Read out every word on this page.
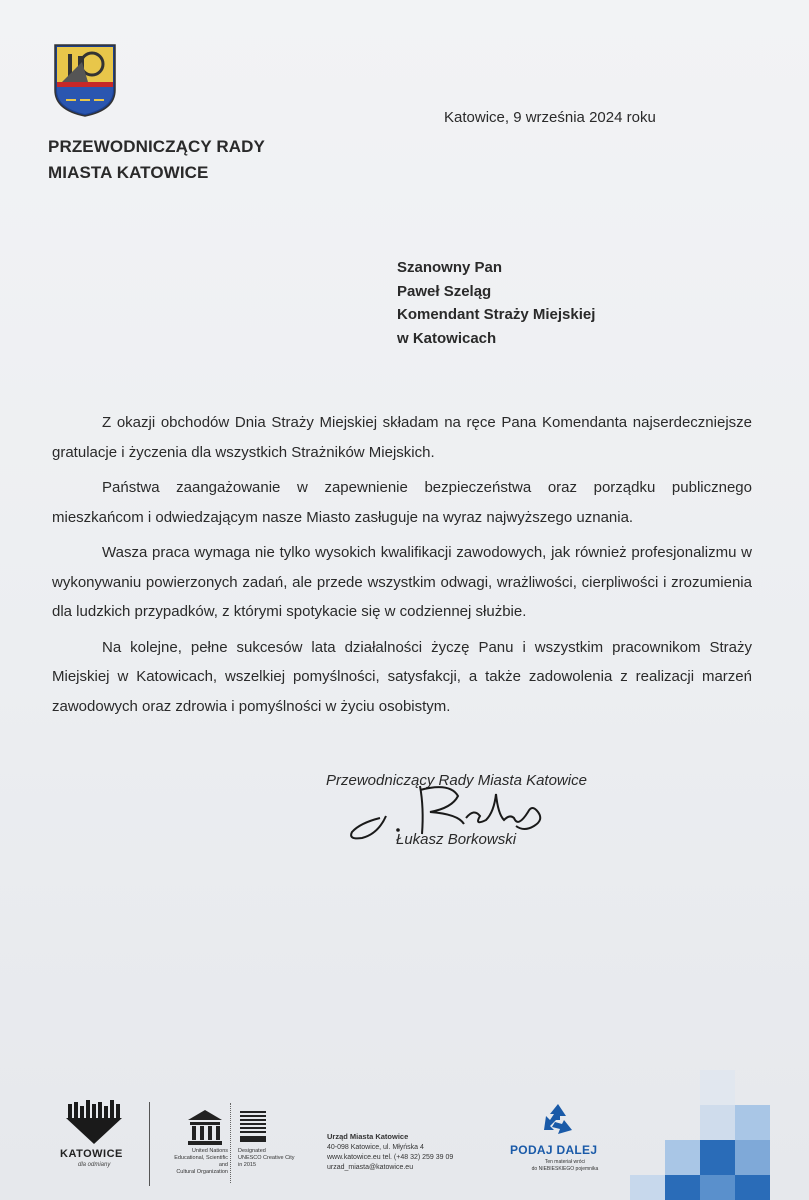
PRZEWODNICZĄCY RADY
MIASTA KATOWICE
Katowice, 9 września 2024 roku
Szanowny Pan
Paweł Szeląg
Komendant Straży Miejskiej
w Katowicach

Z okazji obchodów Dnia Straży Miejskiej składam na ręce Pana Komendanta najserdeczniejsze gratulacje i życzenia dla wszystkich Strażników Miejskich.

Państwa zaangażowanie w zapewnienie bezpieczeństwa oraz porządku publicznego mieszkańcom i odwiedzającym nasze Miasto zasługuje na wyraz najwyższego uznania.

Wasza praca wymaga nie tylko wysokich kwalifikacji zawodowych, jak również profesjonalizmu w wykonywaniu powierzonych zadań, ale przede wszystkim odwagi, wrażliwości, cierpliwości i zrozumienia dla ludzkich przypadków, z którymi spotykacie się w codziennej służbie.

Na kolejne, pełne sukcesów lata działalności życzę Panu i wszystkim pracownikom Straży Miejskiej w Katowicach, wszelkiej pomyślności, satysfakcji, a także zadowolenia z realizacji marzeń zawodowych oraz zdrowia i pomyślności w życiu osobistym.

Przewodniczący Rady Miasta Katowice
Łukasz Borkowski
KATOWICE
dla odmiany
United Nations
Educational, Scientific and
Cultural Organization
Designated
UNESCO Creative City
in 2015
Urząd Miasta Katowice
40-098 Katowice, ul. Młyńska 4
www.katowice.eu tel. (+48 32) 259 39 09
urzad_miasta@katowice.eu
PODAJ DALEJ
Ten materiał wróci
do NIEBIESKIEGO pojemnika
